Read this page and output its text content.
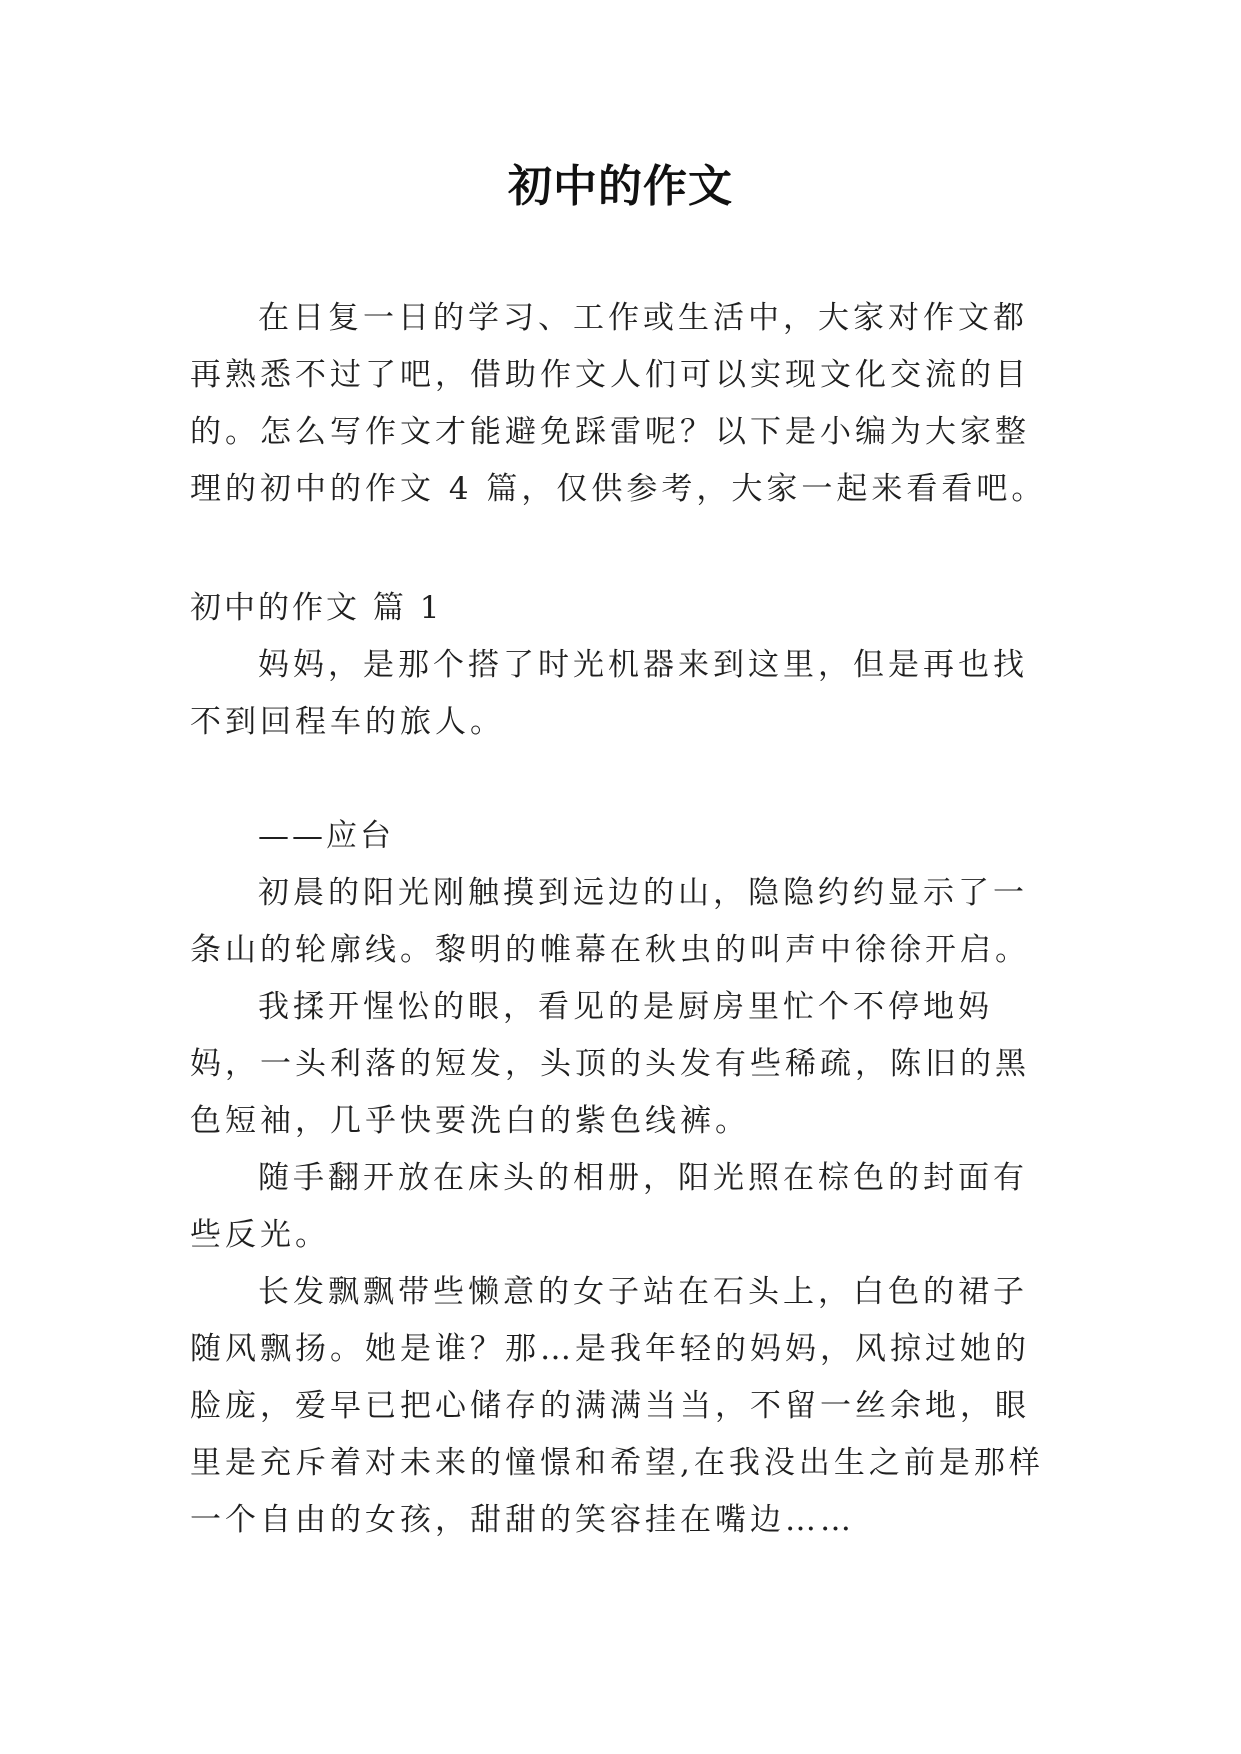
初中的作文

在日复一日的学习、工作或生活中，大家对作文都再熟悉不过了吧，借助作文人们可以实现文化交流的目的。怎么写作文才能避免踩雷呢？以下是小编为大家整理的初中的作文 4 篇，仅供参考，大家一起来看看吧。

初中的作文 篇 1

妈妈，是那个搭了时光机器来到这里，但是再也找不到回程车的旅人。

——应台

初晨的阳光刚触摸到远边的山，隐隐约约显示了一条山的轮廓线。黎明的帷幕在秋虫的叫声中徐徐开启。

我揉开惺忪的眼，看见的是厨房里忙个不停地妈妈，一头利落的短发，头顶的头发有些稀疏，陈旧的黑色短袖，几乎快要洗白的紫色线裤。

随手翻开放在床头的相册，阳光照在棕色的封面有些反光。

长发飘飘带些懒意的女子站在石头上，白色的裙子随风飘扬。她是谁？那…是我年轻的妈妈，风掠过她的脸庞，爱早已把心储存的满满当当，不留一丝余地，眼里是充斥着对未来的憧憬和希望,在我没出生之前是那样一个自由的女孩，甜甜的笑容挂在嘴边……
